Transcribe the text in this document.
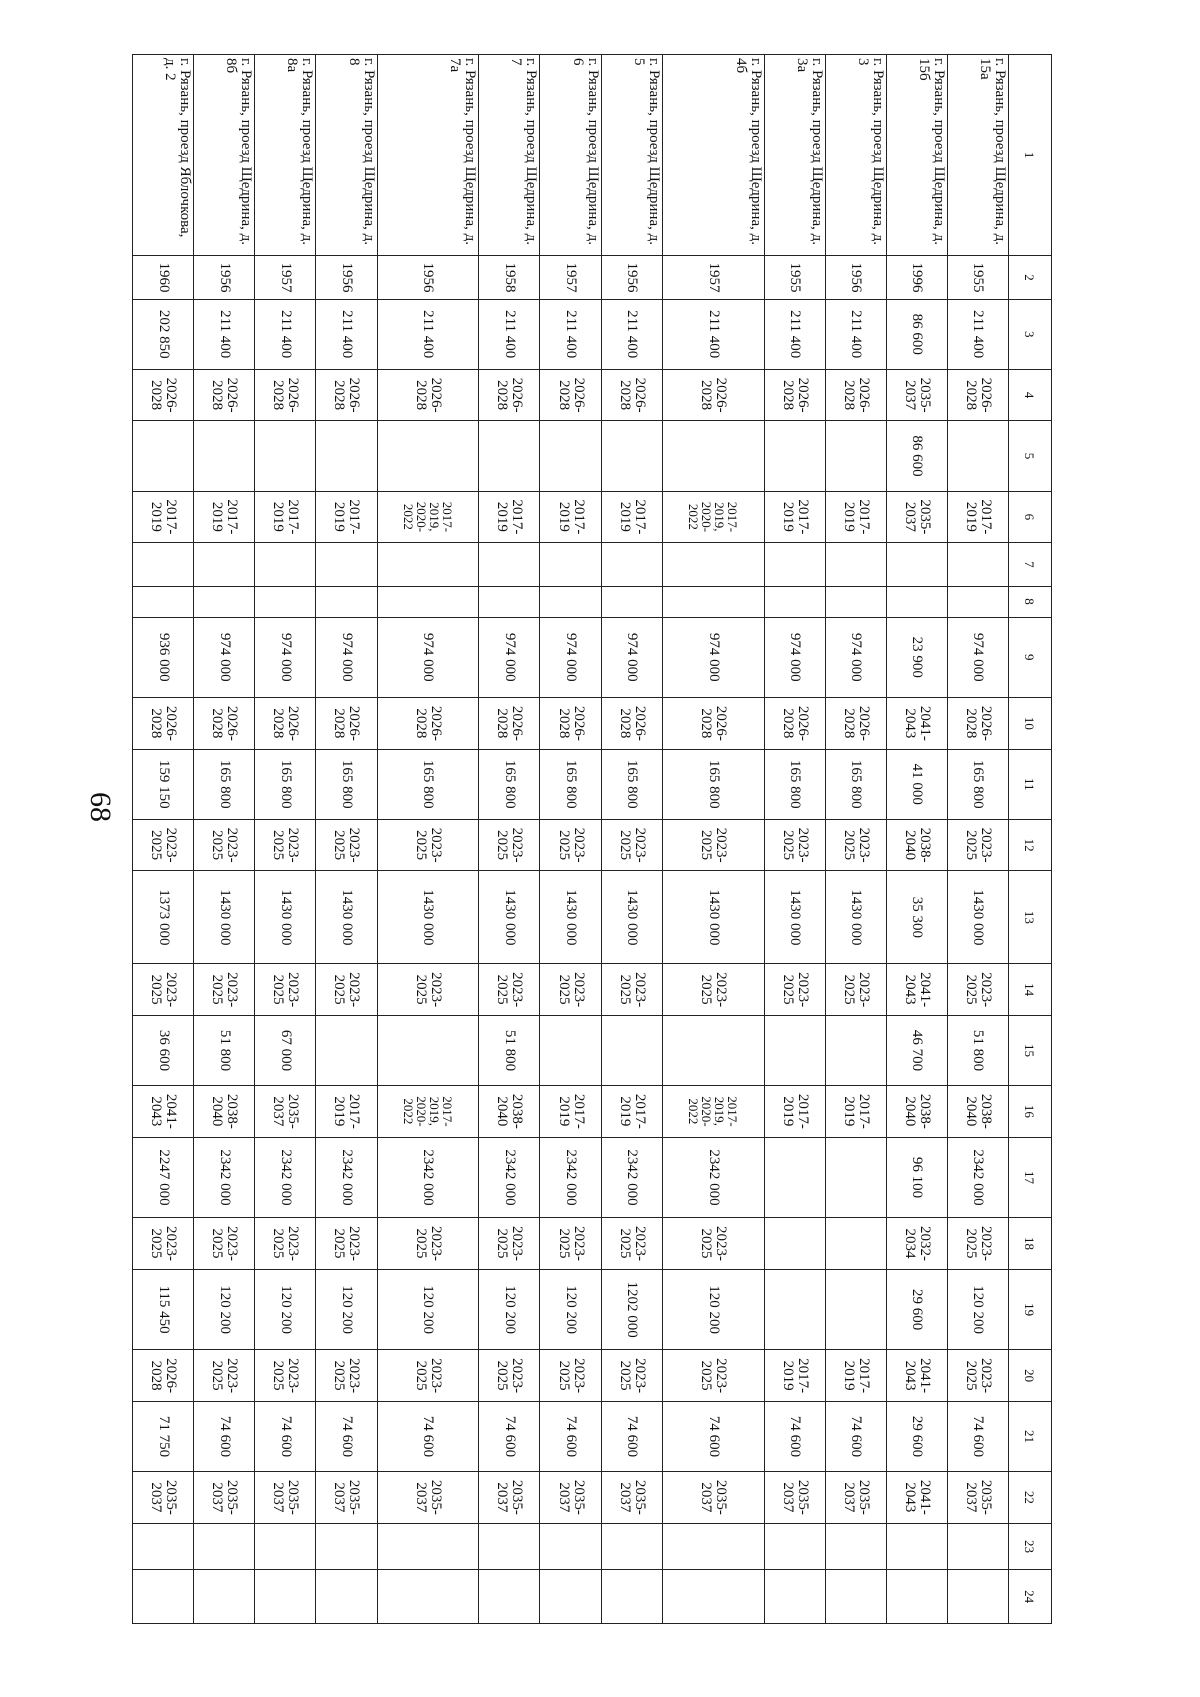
68
1	2	3	4	5	6	7	8	9	10	11	12	13	14	15	16	17	18	19	20	21	22	23	24
г. Рязань, проезд Щедрина, д. 15а	1955	211 400	2026-2028		2017-2019			974 000	2026-2028	165 800	2023-2025	1430 000	2023-2025	51 800	2038-2040	2342 000	2023-2025	120 200	2023-2025	74 600	2035-2037		
г. Рязань, проезд Щедрина, д. 15б	1996	86 600	2035-2037	86 600	2035-2037			23 900	2041-2043	41 000	2038-2040	35 300	2041-2043	46 700	2038-2040	96 100	2032-2034	29 600	2041-2043	29 600	2041-2043		
г. Рязань, проезд Щедрина, д. 3	1956	211 400	2026-2028		2017-2019			974 000	2026-2028	165 800	2023-2025	1430 000	2023-2025		2017-2019				2017-2019	74 600	2035-2037		
г. Рязань, проезд Щедрина, д. 3а	1955	211 400	2026-2028		2017-2019			974 000	2026-2028	165 800	2023-2025	1430 000	2023-2025		2017-2019				2017-2019	74 600	2035-2037		
г. Рязань, проезд Щедрина, д. 4б	1957	211 400	2026-2028		2017-2019, 2020-2022			974 000	2026-2028	165 800	2023-2025	1430 000	2023-2025		2017-2019, 2020-2022	2342 000	2023-2025	120 200	2023-2025	74 600	2035-2037		
г. Рязань, проезд Щедрина, д. 5	1956	211 400	2026-2028		2017-2019			974 000	2026-2028	165 800	2023-2025	1430 000	2023-2025		2017-2019	2342 000	2023-2025	1202 000	2023-2025	74 600	2035-2037		
г. Рязань, проезд Щедрина, д. 6	1957	211 400	2026-2028		2017-2019			974 000	2026-2028	165 800	2023-2025	1430 000	2023-2025		2017-2019	2342 000	2023-2025	120 200	2023-2025	74 600	2035-2037		
г. Рязань, проезд Щедрина, д. 7	1958	211 400	2026-2028		2017-2019			974 000	2026-2028	165 800	2023-2025	1430 000	2023-2025	51 800	2038-2040	2342 000	2023-2025	120 200	2023-2025	74 600	2035-2037		
г. Рязань, проезд Щедрина, д. 7а	1956	211 400	2026-2028		2017-2019, 2020-2022			974 000	2026-2028	165 800	2023-2025	1430 000	2023-2025		2017-2019, 2020-2022	2342 000	2023-2025	120 200	2023-2025	74 600	2035-2037		
г. Рязань, проезд Щедрина, д. 8	1956	211 400	2026-2028		2017-2019			974 000	2026-2028	165 800	2023-2025	1430 000	2023-2025		2017-2019	2342 000	2023-2025	120 200	2023-2025	74 600	2035-2037		
г. Рязань, проезд Щедрина, д. 8а	1957	211 400	2026-2028		2017-2019			974 000	2026-2028	165 800	2023-2025	1430 000	2023-2025	67 000	2035-2037	2342 000	2023-2025	120 200	2023-2025	74 600	2035-2037		
г. Рязань, проезд Щедрина, д. 8б	1956	211 400	2026-2028		2017-2019			974 000	2026-2028	165 800	2023-2025	1430 000	2023-2025	51 800	2038-2040	2342 000	2023-2025	120 200	2023-2025	74 600	2035-2037		
г. Рязань, проезд Яблочкова, д. 2	1960	202 850	2026-2028		2017-2019			936 000	2026-2028	159 150	2023-2025	1373 000	2023-2025	36 600	2041-2043	2247 000	2023-2025	115 450	2026-2028	71 750	2035-2037		
